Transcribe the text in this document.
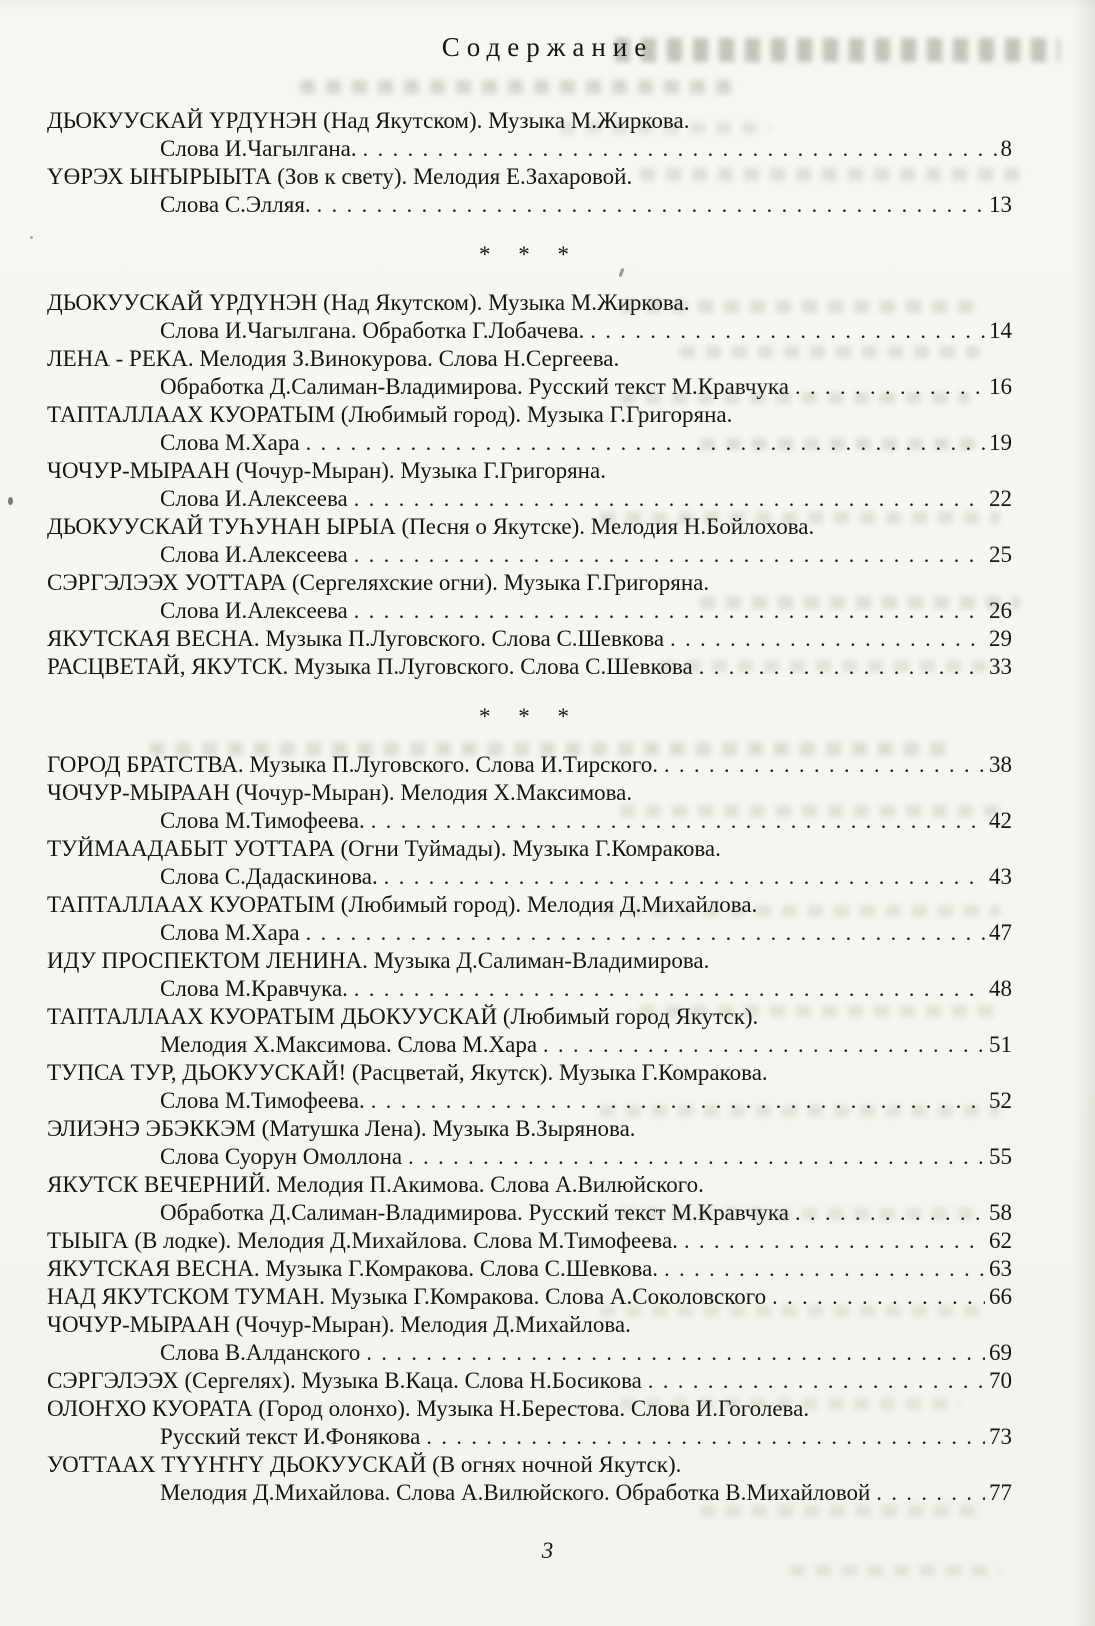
Содержание
ДЬОКУУСКАЙ ҮРДҮНЭН (Над Якутском). Музыка М.Жиркова.
Слова И.Чагылгана. . . .	8
ҮӨРЭХ ЫҤЫРЫЫТА (Зов к свету). Мелодия Е.Захаровой.
Слова С.Элляя. . . .	13
* * *
ДЬОКУУСКАЙ ҮРДҮНЭН (Над Якутском). Музыка М.Жиркова.
Слова И.Чагылгана. Обработка Г.Лобачева. . . .	14
ЛЕНА - РЕКА. Мелодия З.Винокурова. Слова Н.Сергеева.
Обработка Д.Салиман-Владимирова. Русский текст М.Кравчука . . .	16
ТАПТАЛЛААХ КУОРАТЫМ (Любимый город). Музыка Г.Григоряна.
Слова М.Хара . . .	19
ЧОЧУР-МЫРААН (Чочур-Мыран). Музыка Г.Григоряна.
Слова И.Алексеева . . .	22
ДЬОКУУСКАЙ ТУҺУНАН ЫРЫА (Песня о Якутске). Мелодия Н.Бойлохова.
Слова И.Алексеева . . .	25
СЭРГЭЛЭЭХ УОТТАРА (Сергеляхские огни). Музыка Г.Григоряна.
Слова И.Алексеева . . .	26
ЯКУТСКАЯ ВЕСНА. Музыка П.Луговского. Слова С.Шевкова . . .	29
РАСЦВЕТАЙ, ЯКУТСК. Музыка П.Луговского. Слова С.Шевкова . . .	33
* * *
ГОРОД БРАТСТВА. Музыка П.Луговского. Слова И.Тирского. . . .	38
ЧОЧУР-МЫРААН (Чочур-Мыран). Мелодия Х.Максимова.
Слова М.Тимофеева. . . .	42
ТУЙМААДАБЫТ УОТТАРА (Огни Туймады). Музыка Г.Комракова.
Слова С.Дадаскинова. . . .	43
ТАПТАЛЛААХ КУОРАТЫМ (Любимый город). Мелодия Д.Михайлова.
Слова М.Хара . . .	47
ИДУ ПРОСПЕКТОМ ЛЕНИНА. Музыка Д.Салиман-Владимирова.
Слова М.Кравчука. . . .	48
ТАПТАЛЛААХ КУОРАТЫМ ДЬОКУУСКАЙ (Любимый город Якутск).
Мелодия Х.Максимова. Слова М.Хара . . .	51
ТУПСА ТУР, ДЬОКУУСКАЙ! (Расцветай, Якутск). Музыка Г.Комракова.
Слова М.Тимофеева. . . .	52
ЭЛИЭНЭ ЭБЭККЭМ (Матушка Лена). Музыка В.Зырянова.
Слова Суорун Омоллона . . .	55
ЯКУТСК ВЕЧЕРНИЙ. Мелодия П.Акимова. Слова А.Вилюйского.
Обработка Д.Салиман-Владимирова. Русский текст М.Кравчука . . .	58
ТЫЫГА (В лодке). Мелодия Д.Михайлова. Слова М.Тимофеева. . . .	62
ЯКУТСКАЯ ВЕСНА. Музыка Г.Комракова. Слова С.Шевкова. . . .	63
НАД ЯКУТСКОМ ТУМАН. Музыка Г.Комракова. Слова А.Соколовского . . .	66
ЧОЧУР-МЫРААН (Чочур-Мыран). Мелодия Д.Михайлова.
Слова В.Алданского . . .	69
СЭРГЭЛЭЭХ (Сергелях). Музыка В.Каца. Слова Н.Босикова . . .	70
ОЛОҤХО КУОРАТА (Город олонхо). Музыка Н.Берестова. Слова И.Гоголева.
Русский текст И.Фонякова . . .	73
УОТТААХ ТҮҮҤҤҮ ДЬОКУУСКАЙ (В огнях ночной Якутск).
Мелодия Д.Михайлова. Слова А.Вилюйского. Обработка В.Михайловой . . .	77
3
